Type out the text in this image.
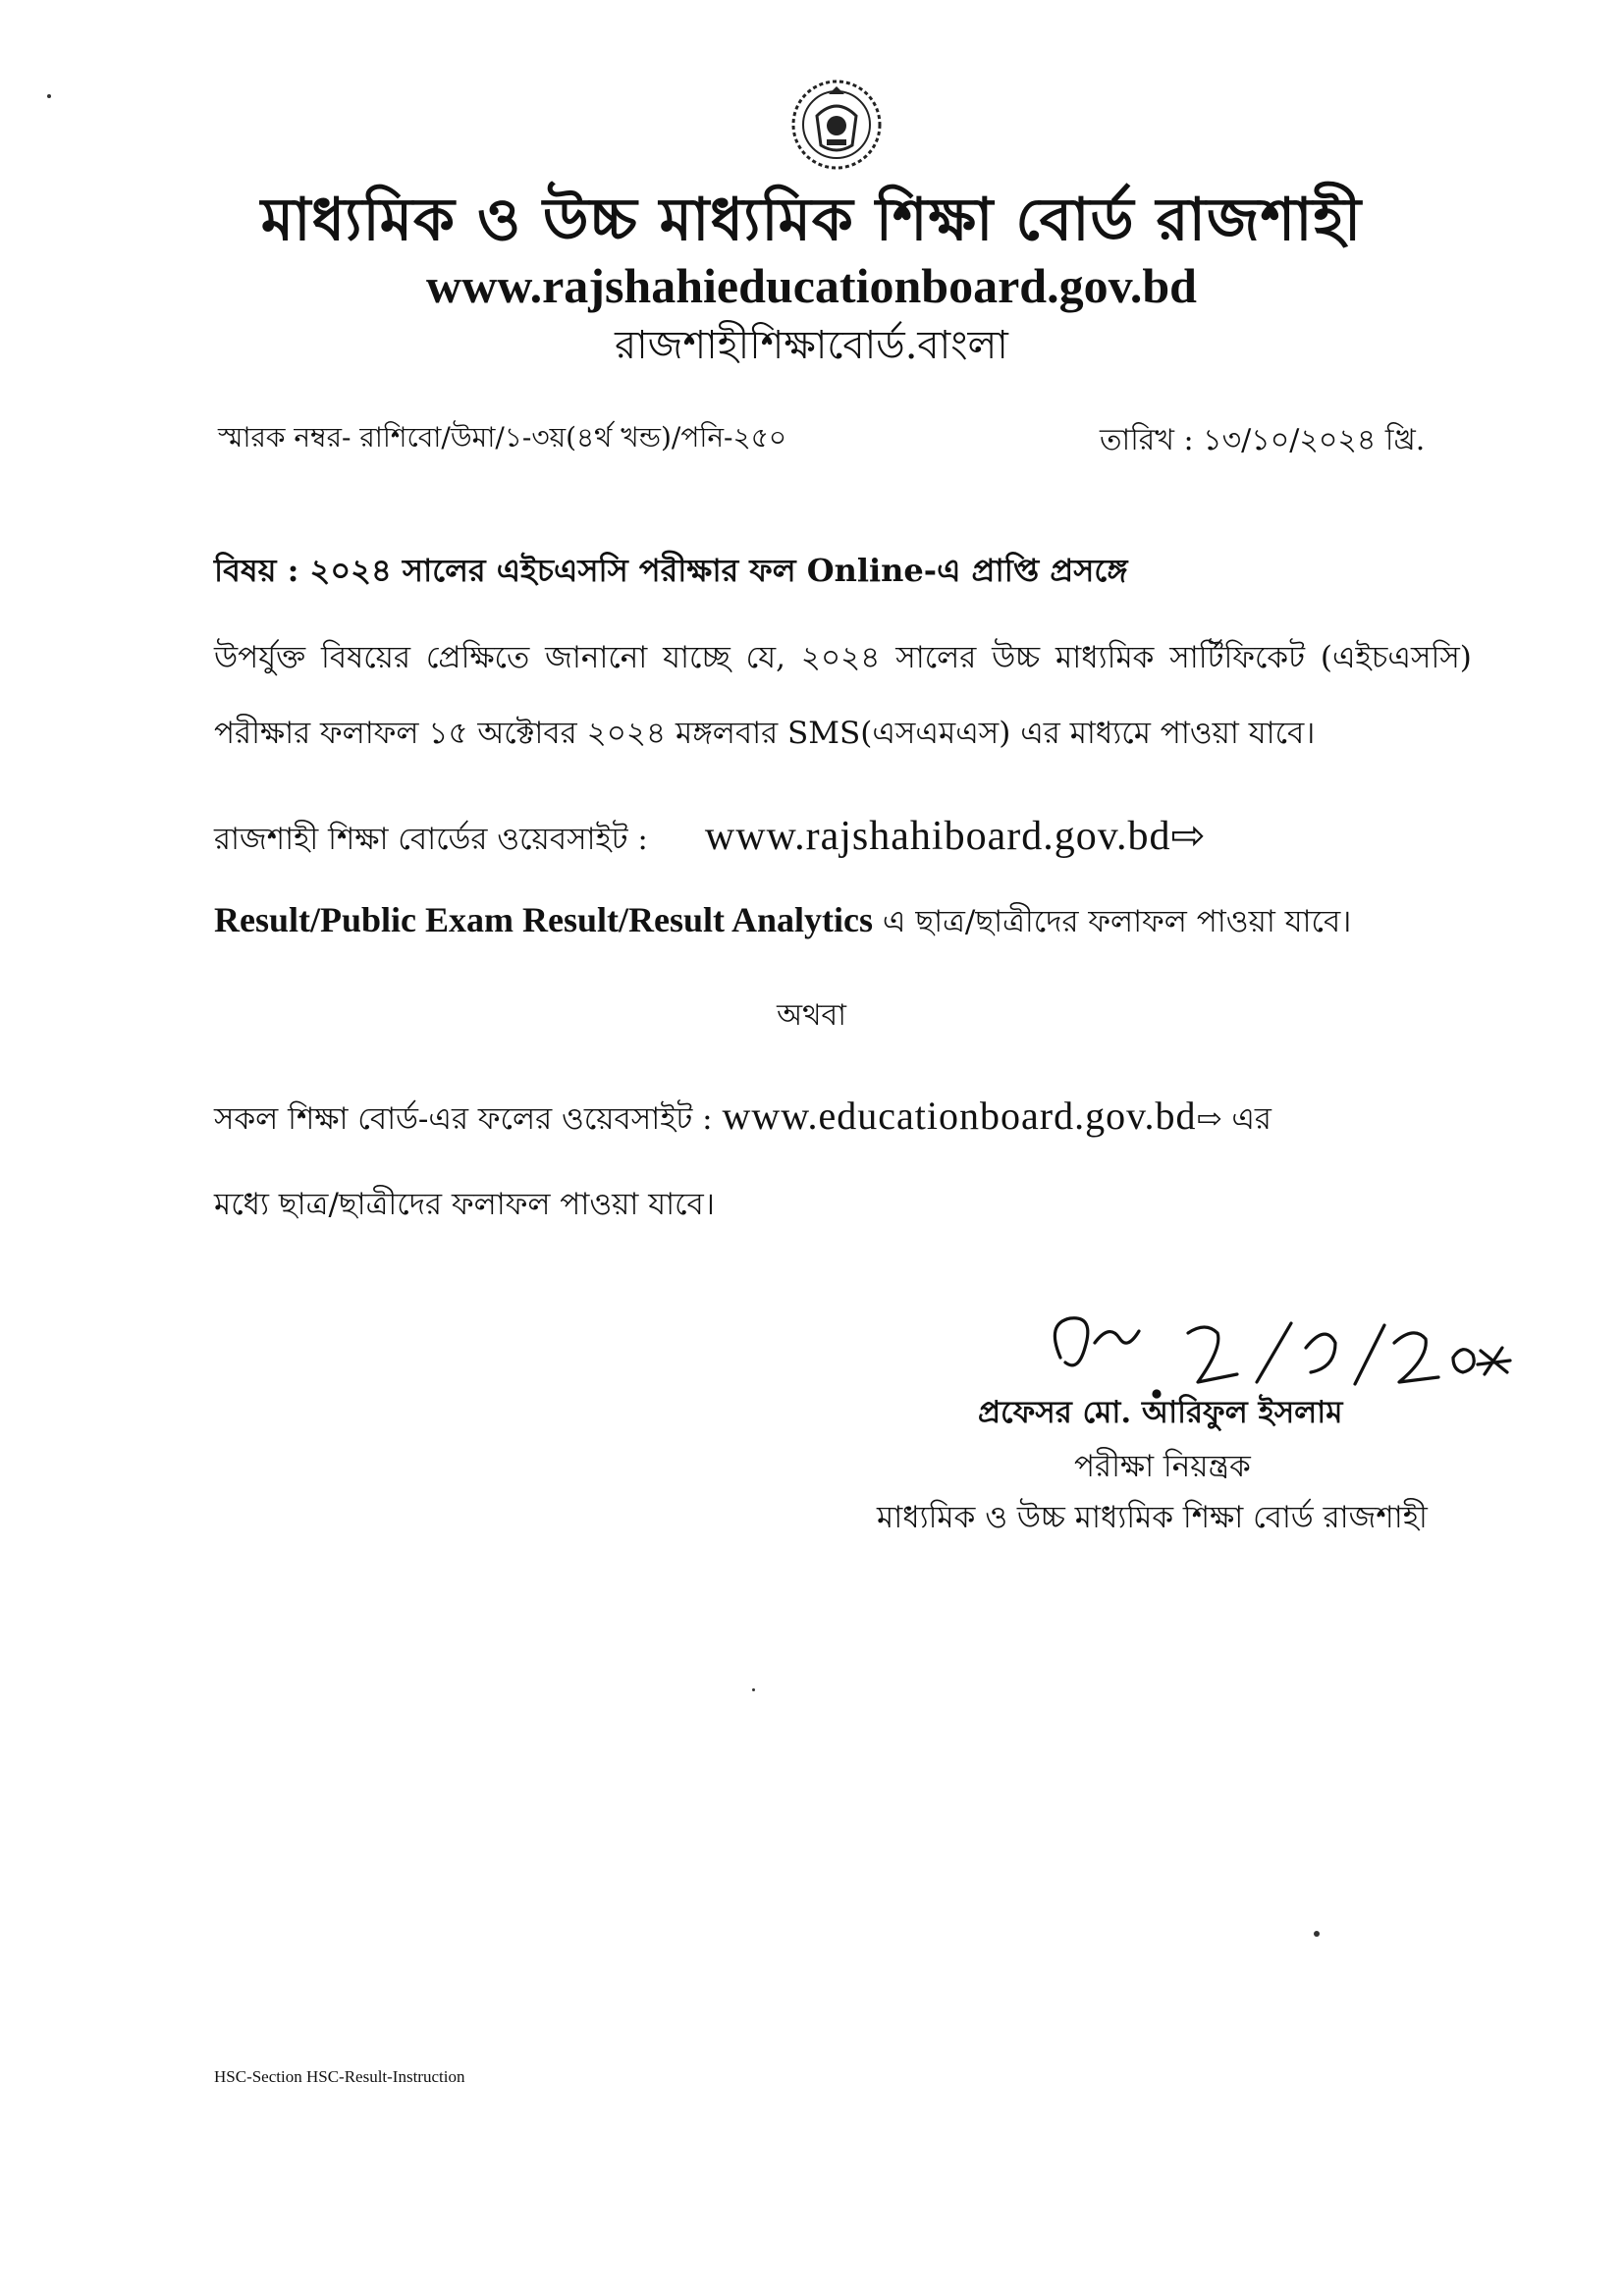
মাধ্যমিক ও উচ্চ মাধ্যমিক শিক্ষা বোর্ড রাজশাহী
www.rajshahieducationboard.gov.bd
রাজশাহীশিক্ষাবোর্ড.বাংলা
স্মারক নম্বর- রাশিবো/উমা/১-৩য়(৪র্থ খন্ড)/পনি-২৫০	তারিখ : ১৩/১০/২০২৪ খ্রি.
বিষয় : ২০২৪ সালের এইচএসসি পরীক্ষার ফল Online-এ প্রাপ্তি প্রসঙ্গে
উপর্যুক্ত বিষয়ের প্রেক্ষিতে জানানো যাচ্ছে যে, ২০২৪ সালের উচ্চ মাধ্যমিক সার্টিফিকেট (এইচএসসি)
পরীক্ষার ফলাফল ১৫ অক্টোবর ২০২৪ মঙ্গলবার SMS(এসএমএস) এর মাধ্যমে পাওয়া যাবে।
রাজশাহী শিক্ষা বোর্ডের ওয়েবসাইট : www.rajshahiboard.gov.bd⇨
Result/Public Exam Result/Result Analytics এ ছাত্র/ছাত্রীদের ফলাফল পাওয়া যাবে।
অথবা
সকল শিক্ষা বোর্ড-এর ফলের ওয়েবসাইট : www.educationboard.gov.bd⇨ এর
মধ্যে ছাত্র/ছাত্রীদের ফলাফল পাওয়া যাবে।
প্রফেসর মো. আরিফুল ইসলাম
পরীক্ষা নিয়ন্ত্রক
মাধ্যমিক ও উচ্চ মাধ্যমিক শিক্ষা বোর্ড রাজশাহী
HSC-Section HSC-Result-Instruction
